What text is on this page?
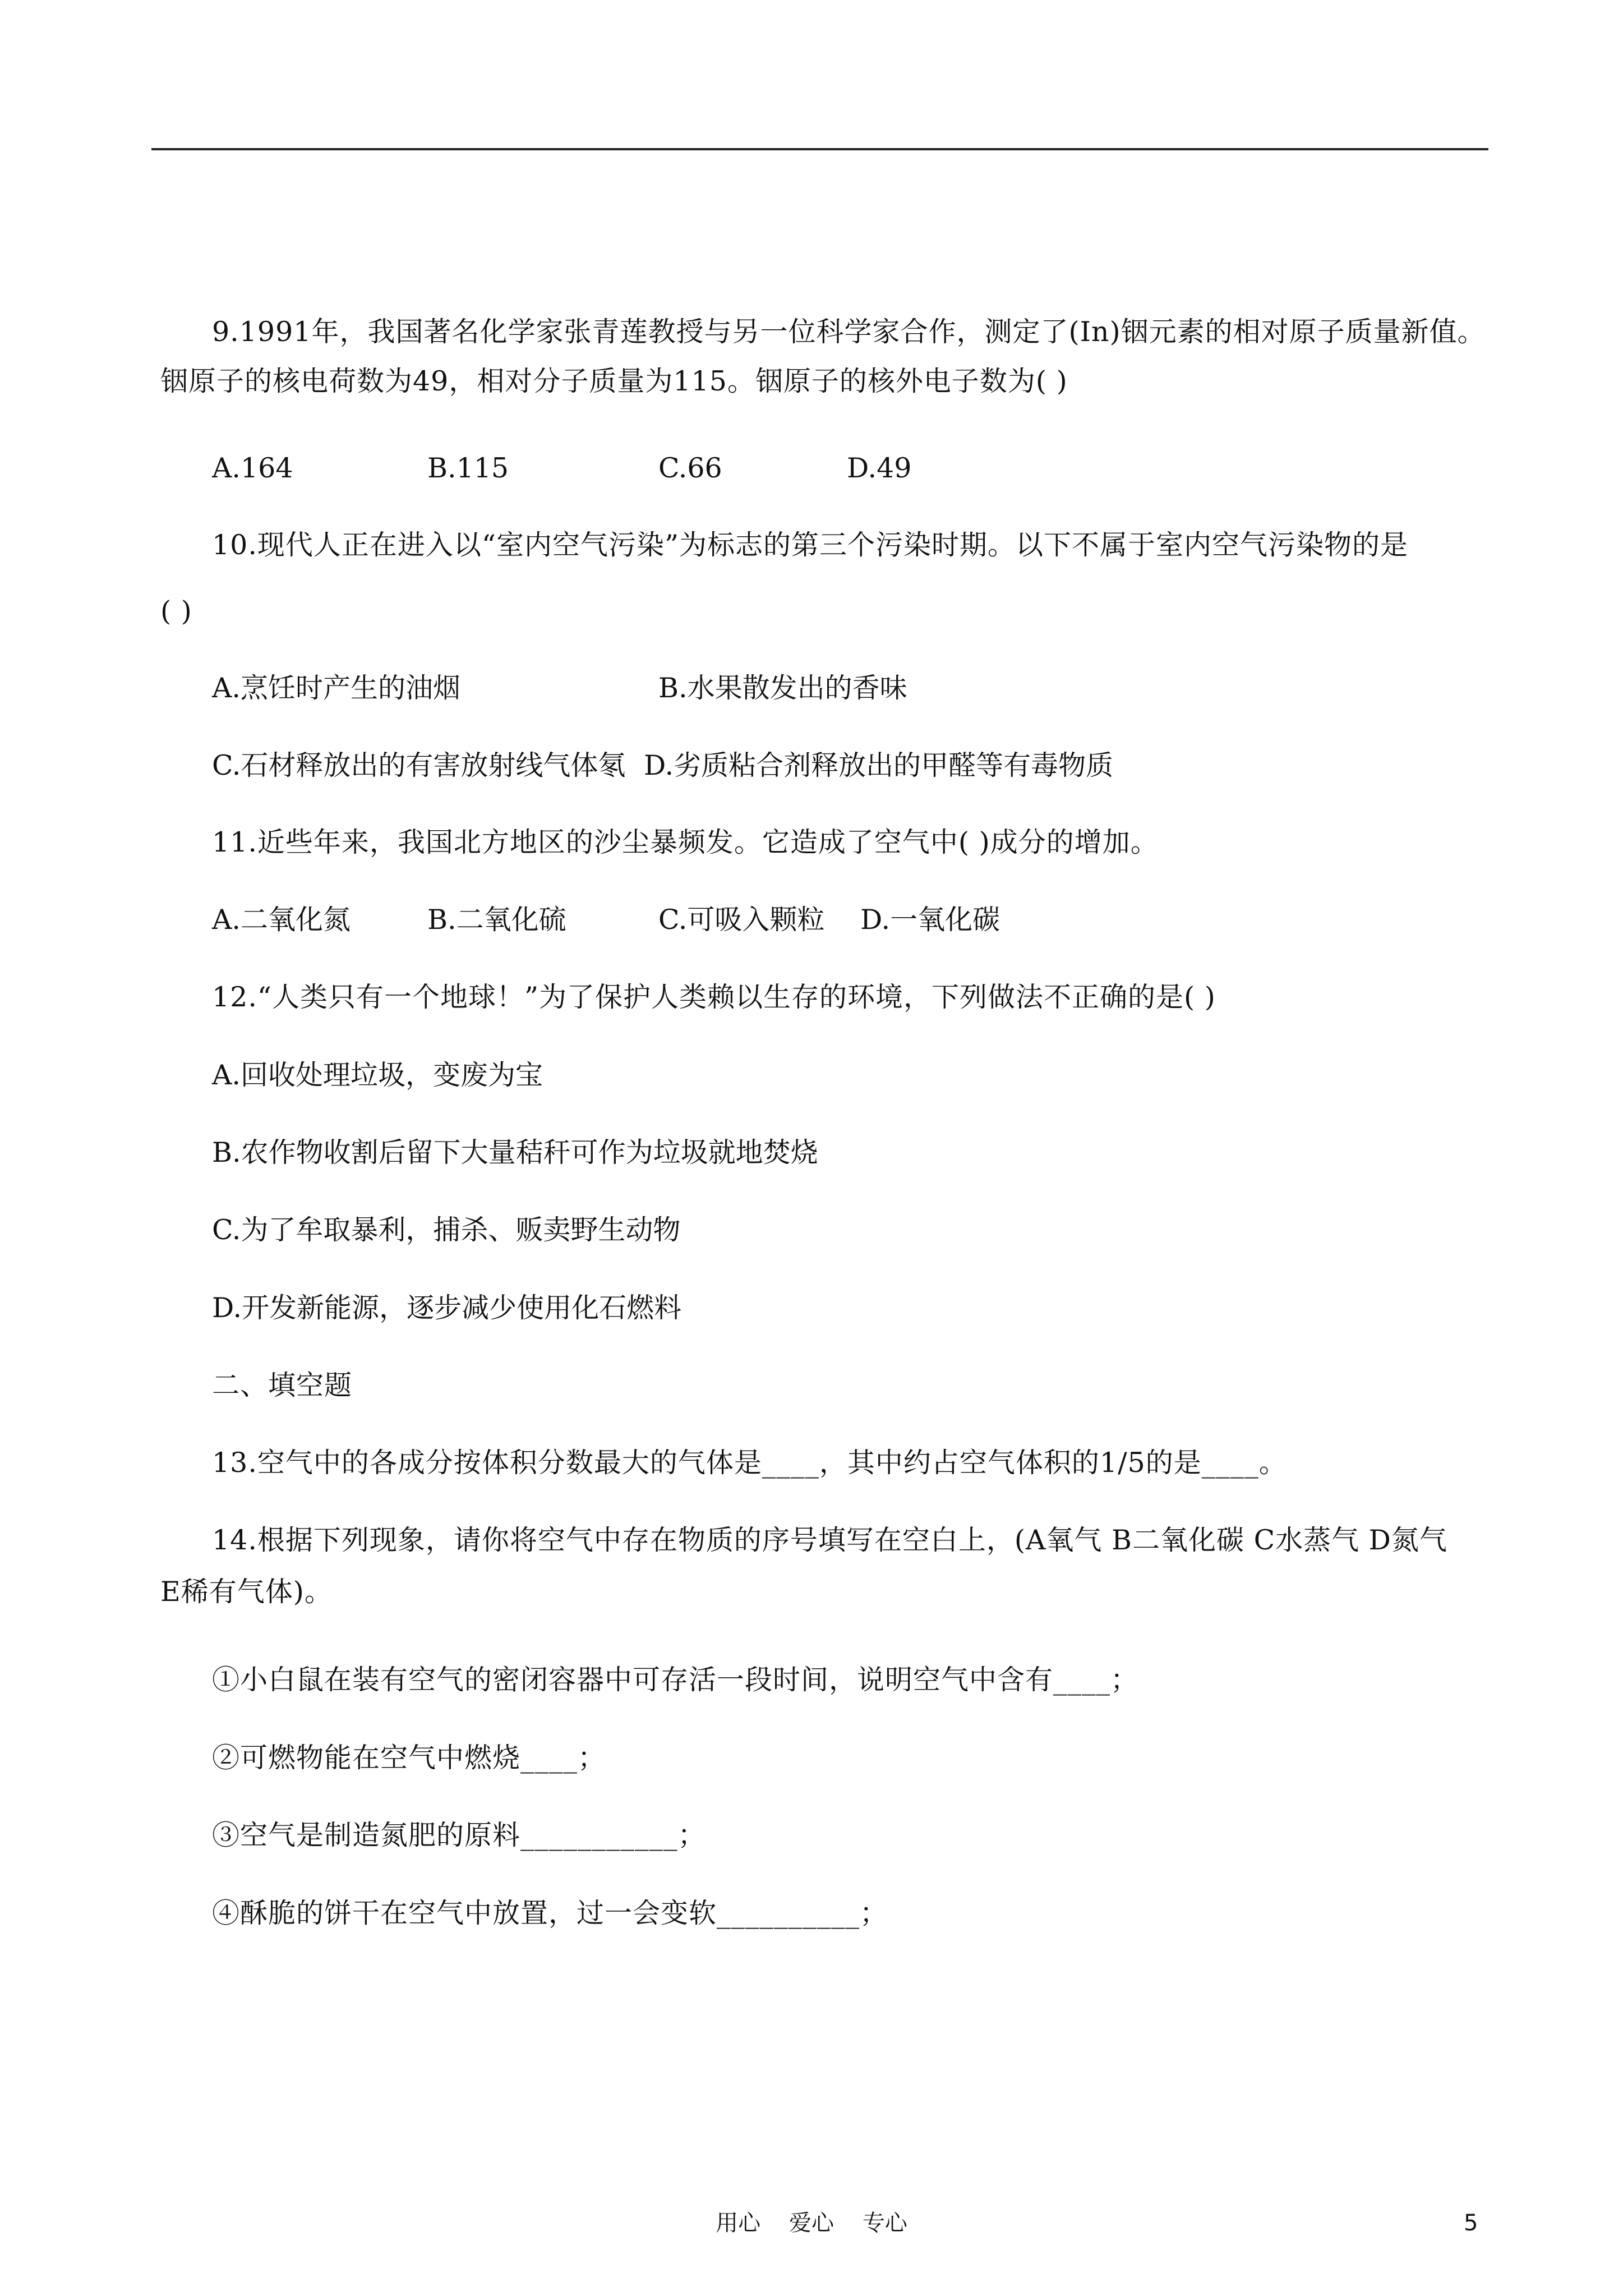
9.1991年，我国著名化学家张青莲教授与另一位科学家合作，测定了(In)铟元素的相对原子质量新值。
铟原子的核电荷数为49，相对分子质量为115。铟原子的核外电子数为( )
A.164	B.115	C.66	D.49
10.现代人正在进入以“室内空气污染”为标志的第三个污染时期。以下不属于室内空气污染物的是
( )
A.烹饪时产生的油烟	B.水果散发出的香味
C.石材释放出的有害放射线气体氡 D.劣质粘合剂释放出的甲醛等有毒物质
11.近些年来，我国北方地区的沙尘暴频发。它造成了空气中( )成分的增加。
A.二氧化氮	B.二氧化硫	C.可吸入颗粒 D.一氧化碳
12.“人类只有一个地球！”为了保护人类赖以生存的环境，下列做法不正确的是( )
A.回收处理垃圾，变废为宝
B.农作物收割后留下大量秸秆可作为垃圾就地焚烧
C.为了牟取暴利，捕杀、贩卖野生动物
D.开发新能源，逐步减少使用化石燃料
二、填空题
13.空气中的各成分按体积分数最大的气体是____，其中约占空气体积的1/5的是____。
14.根据下列现象，请你将空气中存在物质的序号填写在空白上，(A氧气 B二氧化碳 C水蒸气 D氮气
E稀有气体)。
①小白鼠在装有空气的密闭容器中可存活一段时间，说明空气中含有____；
②可燃物能在空气中燃烧____；
③空气是制造氮肥的原料___________；
④酥脆的饼干在空气中放置，过一会变软__________；
用心    爱心    专心	5
